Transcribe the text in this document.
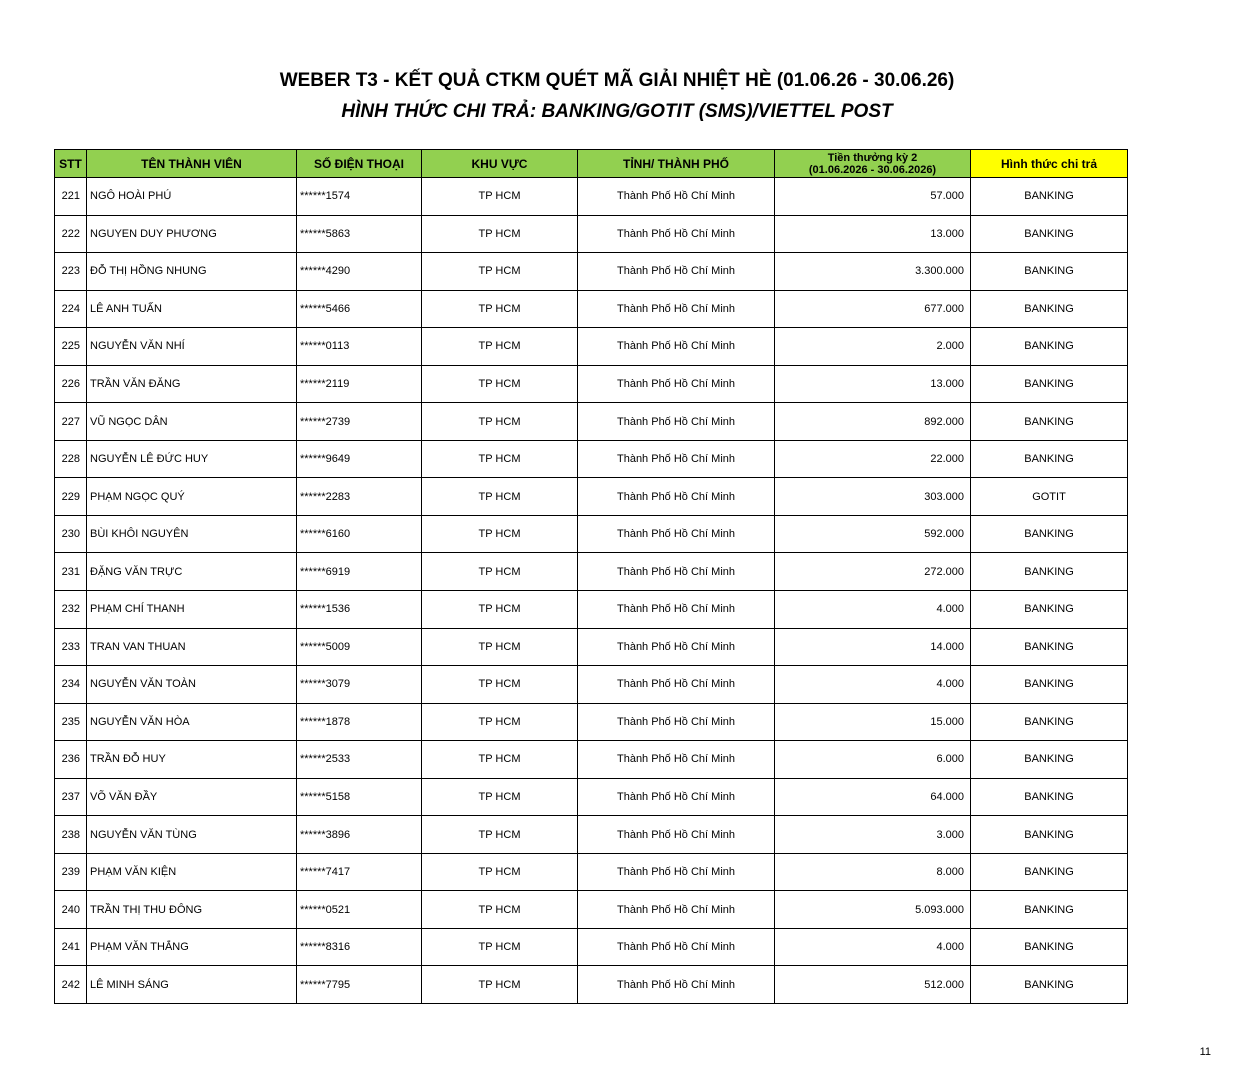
WEBER T3 - KẾT QUẢ CTKM QUÉT MÃ GIẢI NHIỆT HÈ (01.06.26 - 30.06.26)
HÌNH THỨC CHI TRẢ: BANKING/GOTIT (SMS)/VIETTEL POST
STT	TÊN THÀNH VIÊN	SỐ ĐIỆN THOẠI	KHU VỰC	TỈNH/ THÀNH PHỐ	Tiền thưởng kỳ 2
(01.06.2026 - 30.06.2026)	Hình thức chi trả
221	NGÔ HOÀI PHÚ	******1574	TP HCM	Thành Phố Hồ Chí Minh	57.000	BANKING
222	NGUYEN DUY PHƯƠNG	******5863	TP HCM	Thành Phố Hồ Chí Minh	13.000	BANKING
223	ĐỖ THỊ HỒNG NHUNG	******4290	TP HCM	Thành Phố Hồ Chí Minh	3.300.000	BANKING
224	LÊ ANH TUẤN	******5466	TP HCM	Thành Phố Hồ Chí Minh	677.000	BANKING
225	NGUYỄN VĂN NHÍ	******0113	TP HCM	Thành Phố Hồ Chí Minh	2.000	BANKING
226	TRẦN VĂN ĐĂNG	******2119	TP HCM	Thành Phố Hồ Chí Minh	13.000	BANKING
227	VŨ NGỌC DÂN	******2739	TP HCM	Thành Phố Hồ Chí Minh	892.000	BANKING
228	NGUYỄN LÊ ĐỨC HUY	******9649	TP HCM	Thành Phố Hồ Chí Minh	22.000	BANKING
229	PHẠM NGỌC QUÝ	******2283	TP HCM	Thành Phố Hồ Chí Minh	303.000	GOTIT
230	BÙI KHÔI NGUYÊN	******6160	TP HCM	Thành Phố Hồ Chí Minh	592.000	BANKING
231	ĐẶNG VĂN TRỰC	******6919	TP HCM	Thành Phố Hồ Chí Minh	272.000	BANKING
232	PHẠM CHÍ THANH	******1536	TP HCM	Thành Phố Hồ Chí Minh	4.000	BANKING
233	TRAN VAN THUAN	******5009	TP HCM	Thành Phố Hồ Chí Minh	14.000	BANKING
234	NGUYỄN VĂN TOÀN	******3079	TP HCM	Thành Phố Hồ Chí Minh	4.000	BANKING
235	NGUYỄN VĂN HÒA	******1878	TP HCM	Thành Phố Hồ Chí Minh	15.000	BANKING
236	TRẦN ĐỖ HUY	******2533	TP HCM	Thành Phố Hồ Chí Minh	6.000	BANKING
237	VÕ VĂN ĐẦY	******5158	TP HCM	Thành Phố Hồ Chí Minh	64.000	BANKING
238	NGUYỄN VĂN TÙNG	******3896	TP HCM	Thành Phố Hồ Chí Minh	3.000	BANKING
239	PHẠM VĂN KIỆN	******7417	TP HCM	Thành Phố Hồ Chí Minh	8.000	BANKING
240	TRẦN THỊ THU ĐÔNG	******0521	TP HCM	Thành Phố Hồ Chí Minh	5.093.000	BANKING
241	PHẠM VĂN THẮNG	******8316	TP HCM	Thành Phố Hồ Chí Minh	4.000	BANKING
242	LÊ MINH SÁNG	******7795	TP HCM	Thành Phố Hồ Chí Minh	512.000	BANKING
11
